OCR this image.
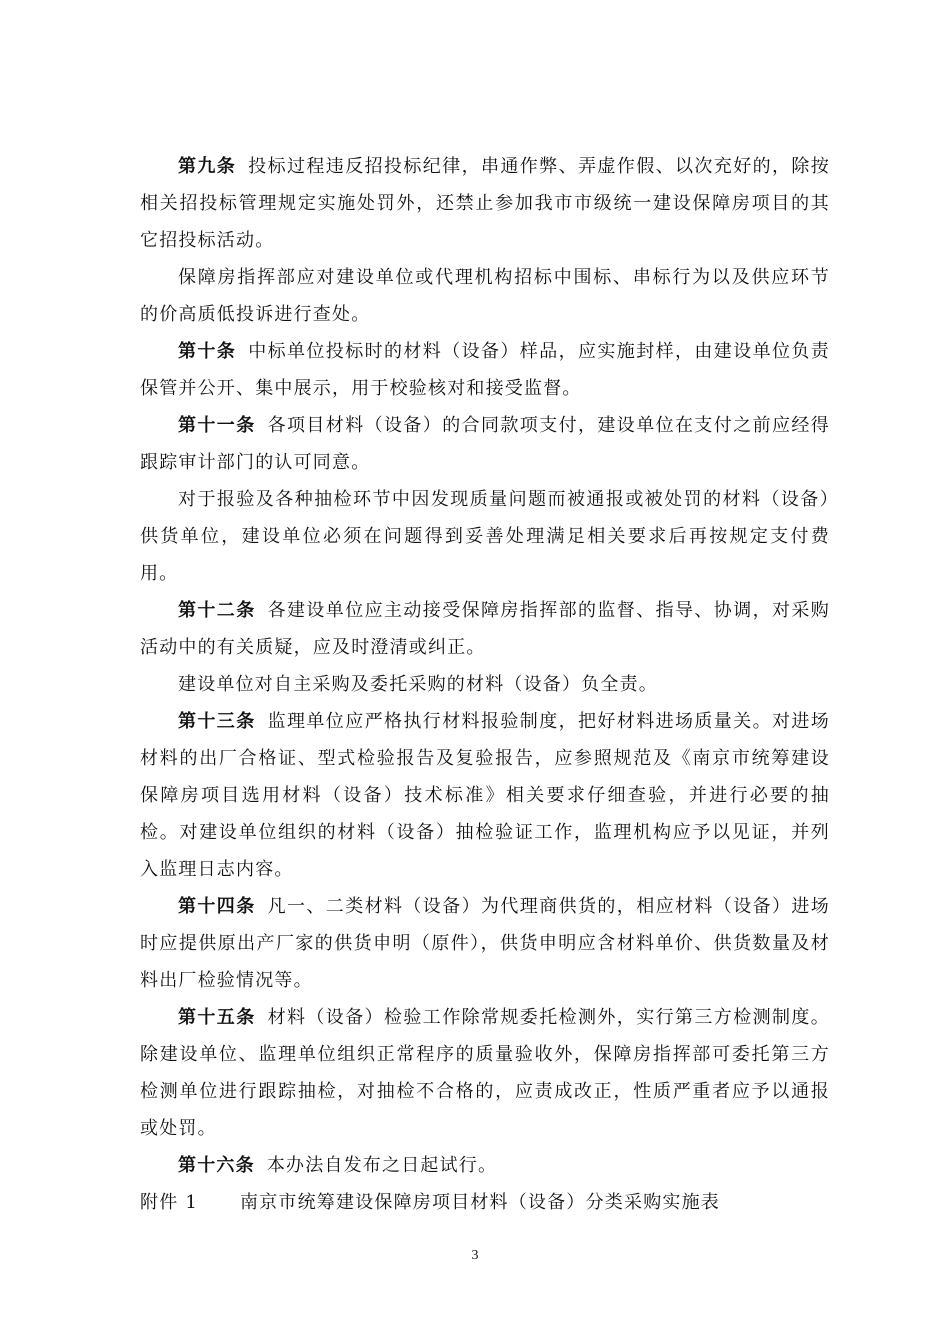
第九条 投标过程违反招投标纪律，串通作弊、弄虚作假、以次充好的，除按相关招投标管理规定实施处罚外，还禁止参加我市市级统一建设保障房项目的其它招投标活动。

保障房指挥部应对建设单位或代理机构招标中围标、串标行为以及供应环节的价高质低投诉进行查处。

第十条 中标单位投标时的材料（设备）样品，应实施封样，由建设单位负责保管并公开、集中展示，用于校验核对和接受监督。

第十一条 各项目材料（设备）的合同款项支付，建设单位在支付之前应经得跟踪审计部门的认可同意。

对于报验及各种抽检环节中因发现质量问题而被通报或被处罚的材料（设备）供货单位，建设单位必须在问题得到妥善处理满足相关要求后再按规定支付费用。

第十二条 各建设单位应主动接受保障房指挥部的监督、指导、协调，对采购活动中的有关质疑，应及时澄清或纠正。

建设单位对自主采购及委托采购的材料（设备）负全责。

第十三条 监理单位应严格执行材料报验制度，把好材料进场质量关。对进场材料的出厂合格证、型式检验报告及复验报告，应参照规范及《南京市统筹建设保障房项目选用材料（设备）技术标准》相关要求仔细查验，并进行必要的抽检。对建设单位组织的材料（设备）抽检验证工作，监理机构应予以见证，并列入监理日志内容。

第十四条 凡一、二类材料（设备）为代理商供货的，相应材料（设备）进场时应提供原出产厂家的供货申明（原件），供货申明应含材料单价、供货数量及材料出厂检验情况等。

第十五条 材料（设备）检验工作除常规委托检测外，实行第三方检测制度。除建设单位、监理单位组织正常程序的质量验收外，保障房指挥部可委托第三方检测单位进行跟踪抽检，对抽检不合格的，应责成改正，性质严重者应予以通报或处罚。

第十六条 本办法自发布之日起试行。

附件 1 南京市统筹建设保障房项目材料（设备）分类采购实施表

3
